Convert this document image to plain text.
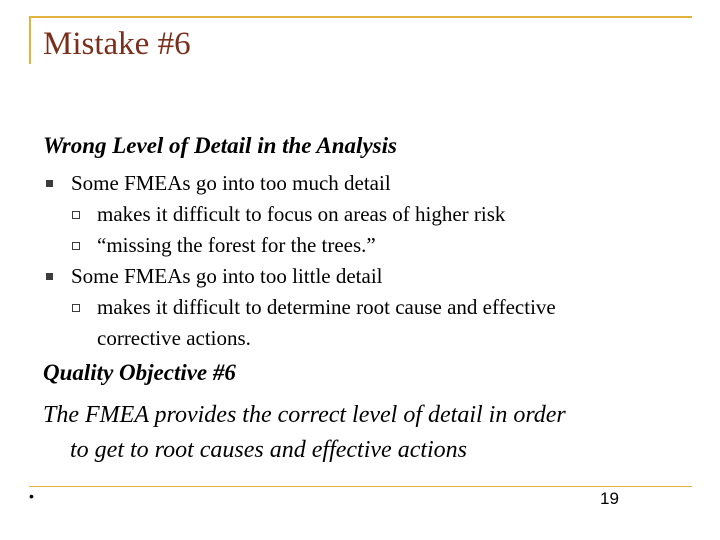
Mistake #6
Wrong Level of Detail in the Analysis
Some FMEAs go into too much detail
makes it difficult to focus on areas of higher risk
“missing the forest for the trees.”
Some FMEAs go into too little detail
makes it difficult to determine root cause and effective
corrective actions.
Quality Objective #6
The FMEA provides the correct level of detail in order
to get to root causes and effective actions
•	19
